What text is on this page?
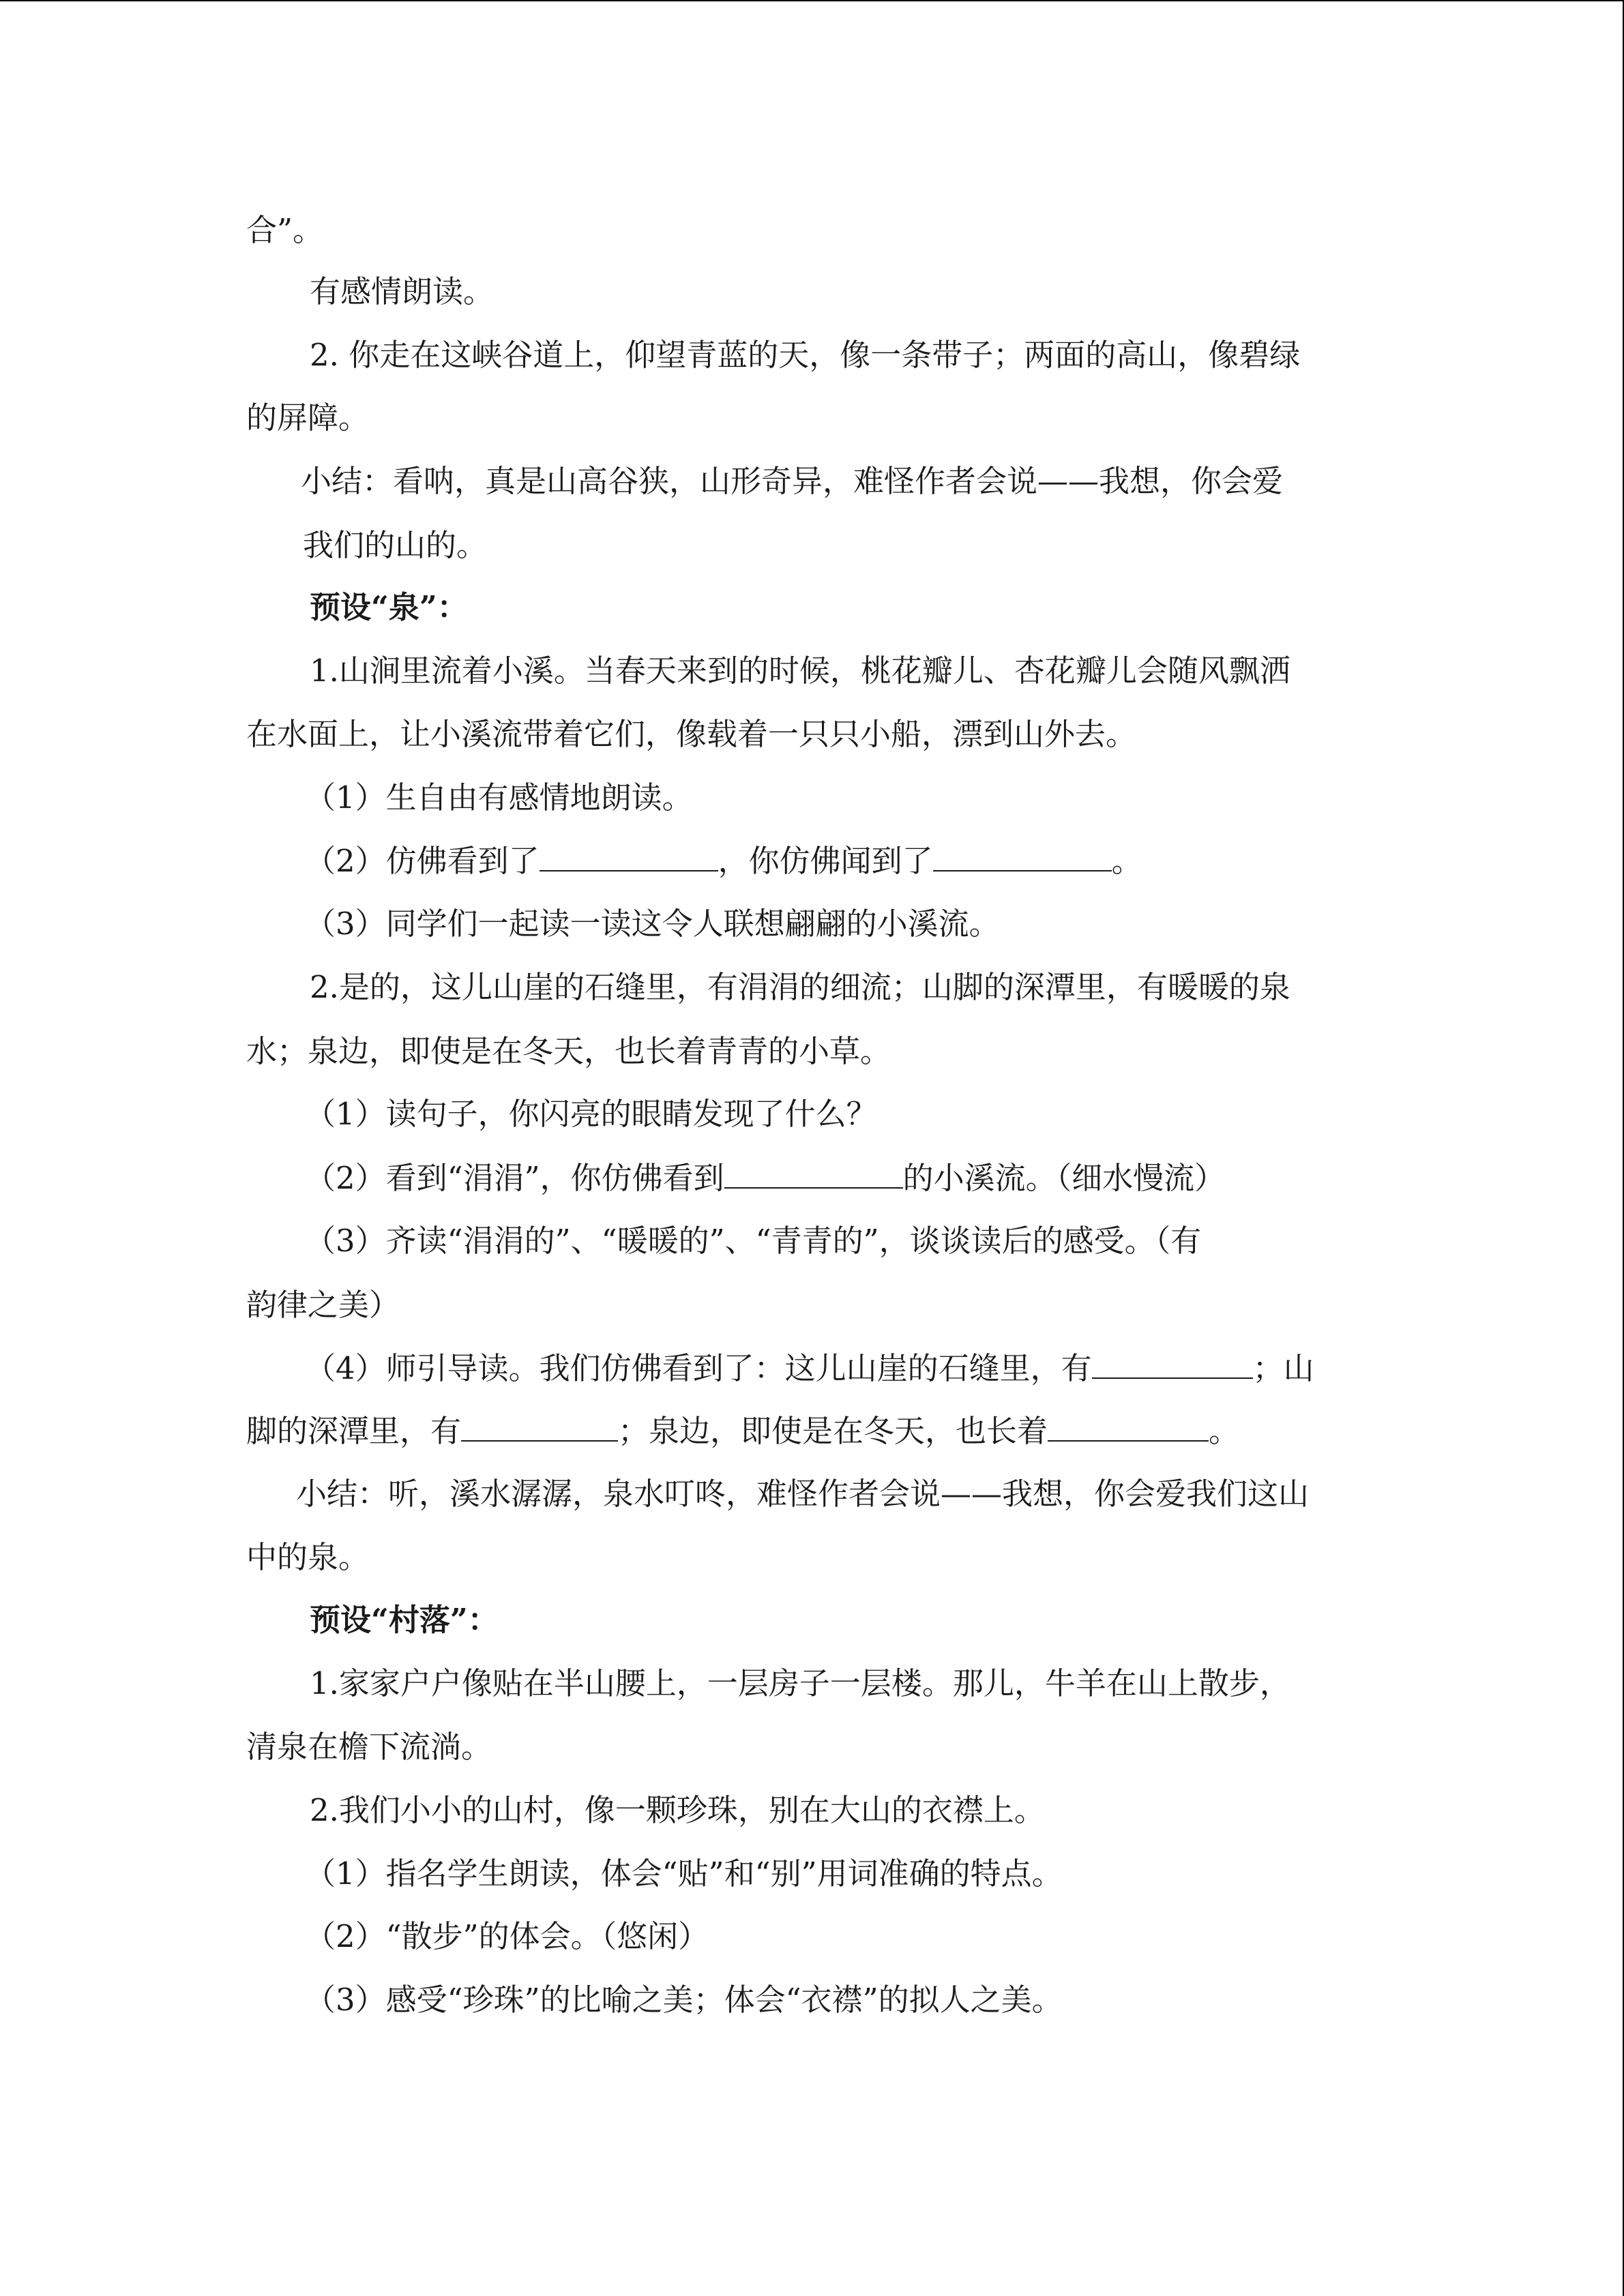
合”。
有感情朗读。
2. 你走在这峡谷道上，仰望青蓝的天，像一条带子；两面的高山，像碧绿
的屏障。
小结：看呐，真是山高谷狭，山形奇异，难怪作者会说——我想，你会爱
我们的山的。
预设“泉”：
1.山涧里流着小溪。当春天来到的时候，桃花瓣儿、杏花瓣儿会随风飘洒
在水面上，让小溪流带着它们，像载着一只只小船，漂到山外去。
（1）生自由有感情地朗读。
（2）仿佛看到了	，你仿佛闻到了	。
（3）同学们一起读一读这令人联想翩翩的小溪流。
2.是的，这儿山崖的石缝里，有涓涓的细流；山脚的深潭里，有暖暖的泉
水；泉边，即使是在冬天，也长着青青的小草。
（1）读句子，你闪亮的眼睛发现了什么？
（2）看到“涓涓”，你仿佛看到	的小溪流。（细水慢流）
（3）齐读“涓涓的”、“暖暖的”、“青青的”，谈谈读后的感受。（有
韵律之美）
（4）师引导读。我们仿佛看到了：这儿山崖的石缝里，有	；山
脚的深潭里，有	；泉边，即使是在冬天，也长着	。
小结：听，溪水潺潺，泉水叮咚，难怪作者会说——我想，你会爱我们这山
中的泉。
预设“村落”：
1.家家户户像贴在半山腰上，一层房子一层楼。那儿，牛羊在山上散步，
清泉在檐下流淌。
2.我们小小的山村，像一颗珍珠，别在大山的衣襟上。
（1）指名学生朗读，体会“贴”和“别”用词准确的特点。
（2）“散步”的体会。（悠闲）
（3）感受“珍珠”的比喻之美；体会“衣襟”的拟人之美。
